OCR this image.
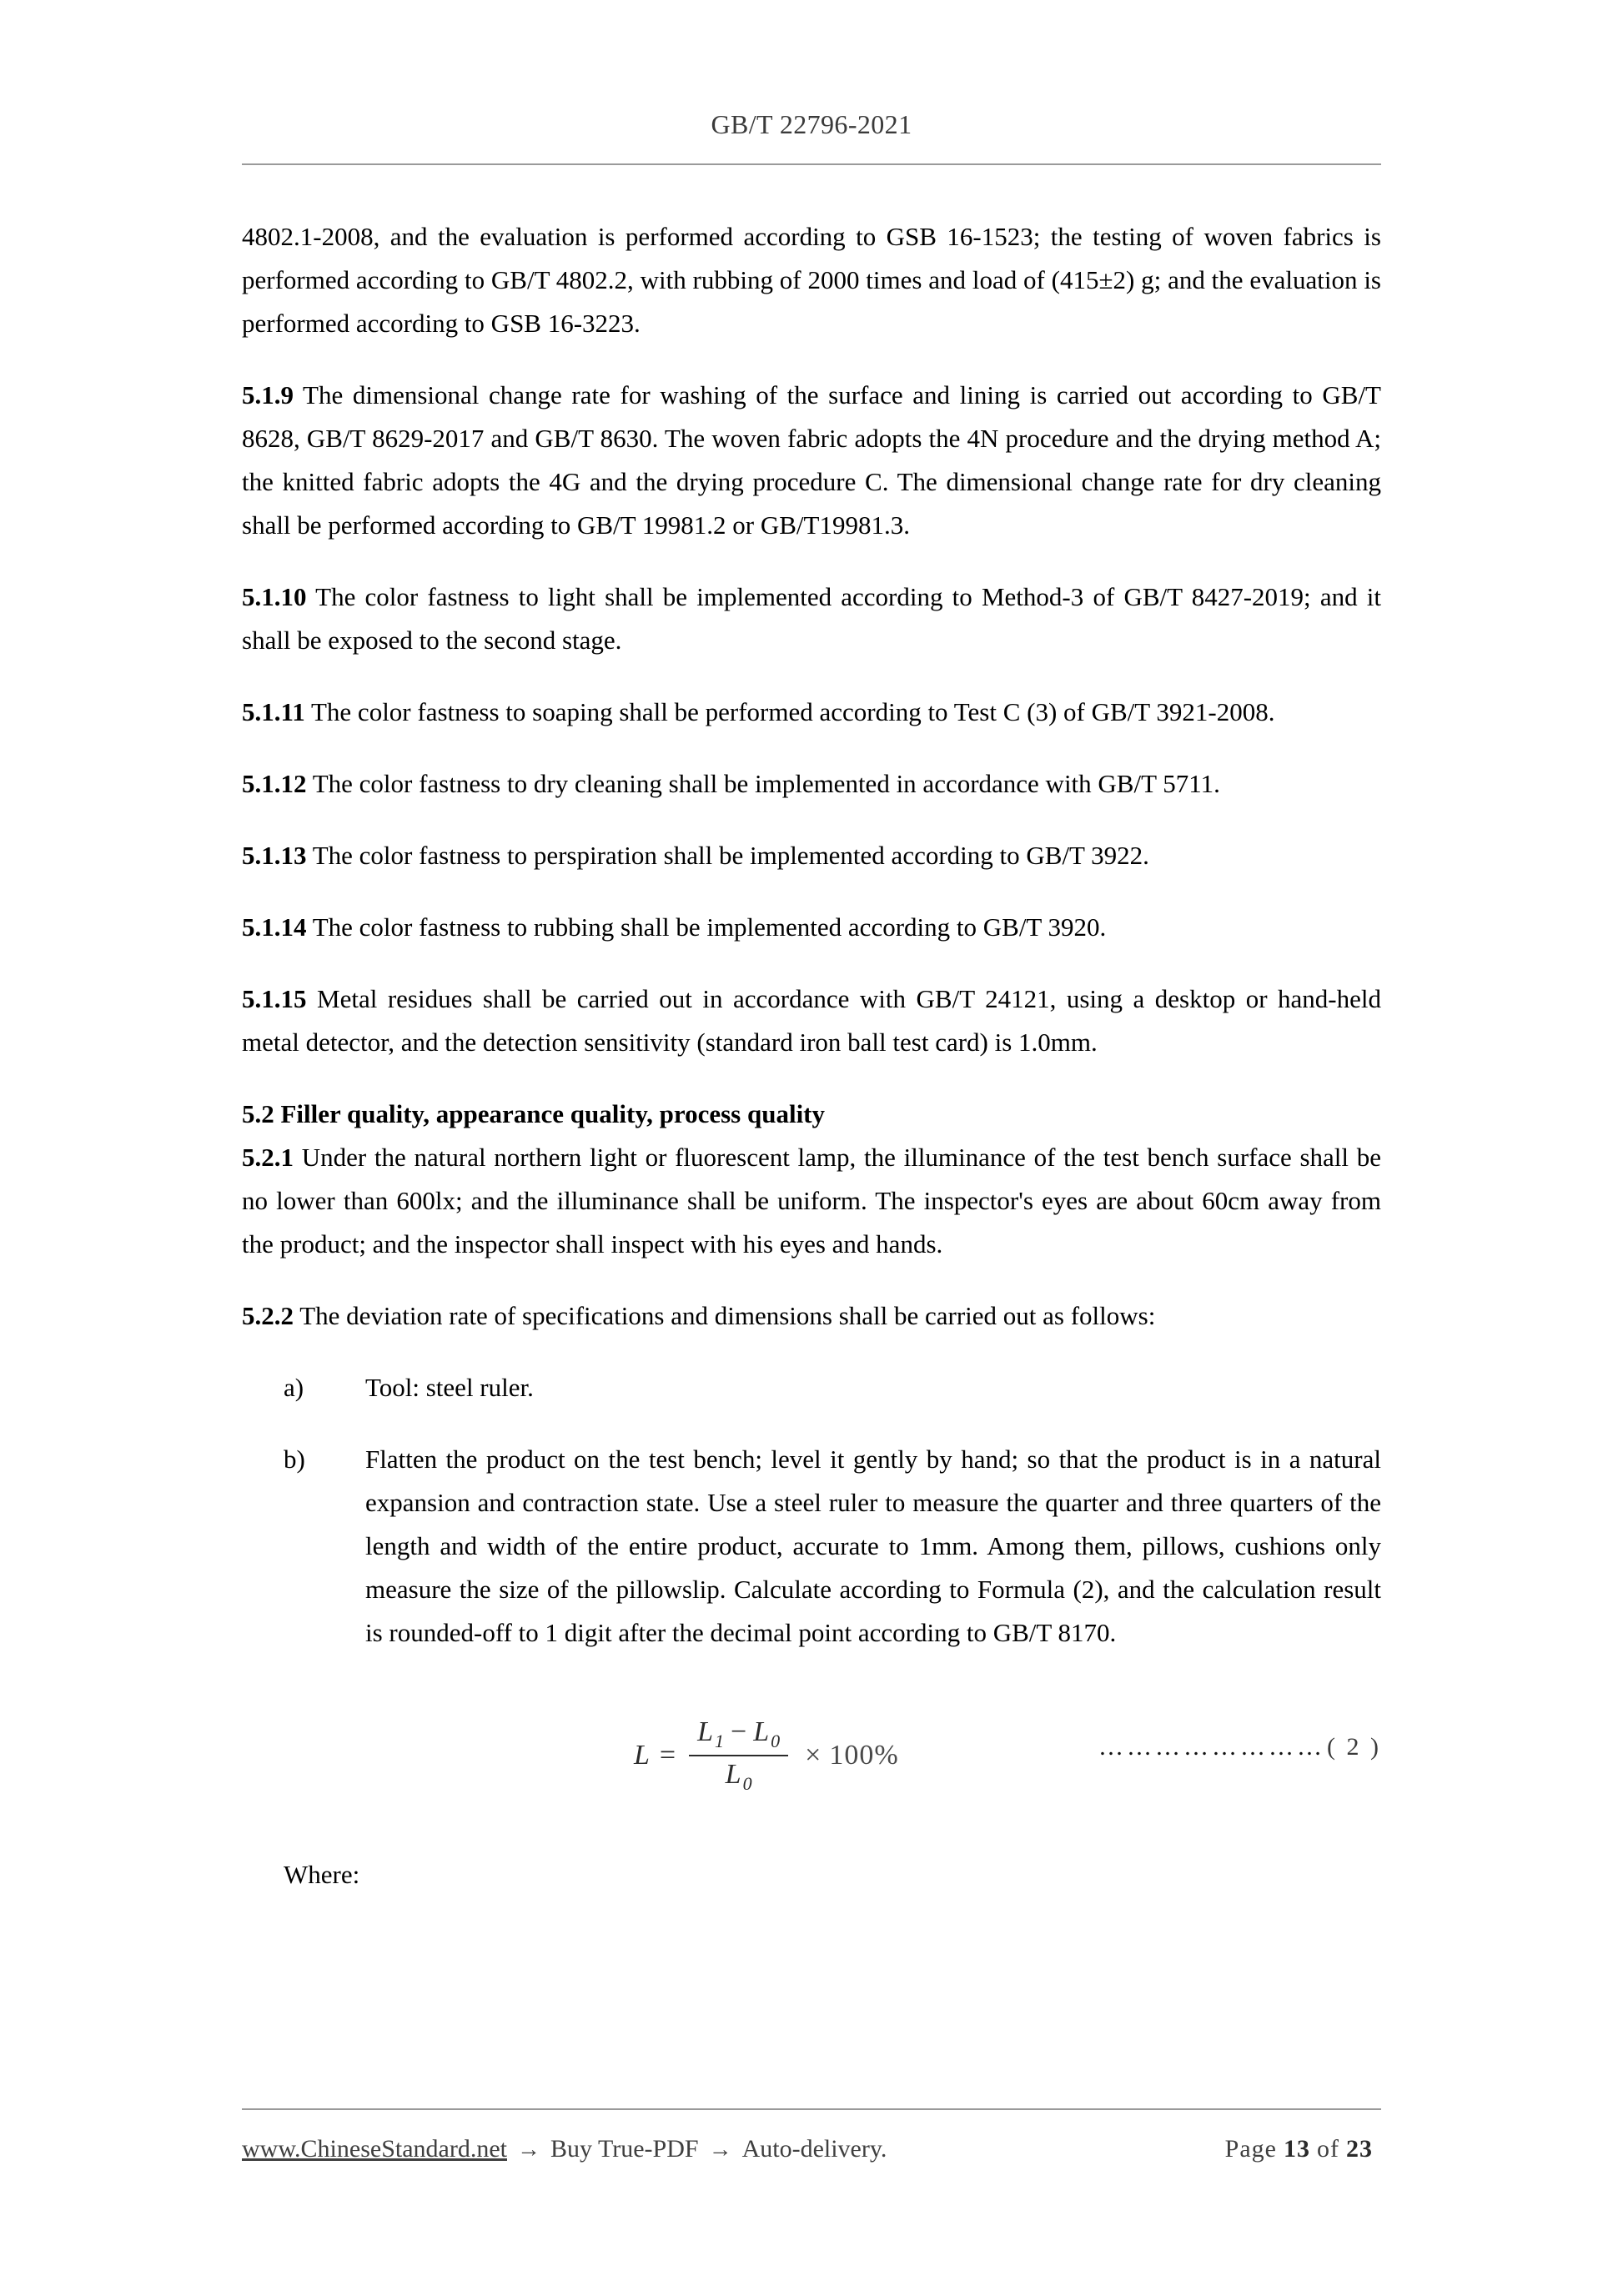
GB/T 22796-2021

4802.1-2008, and the evaluation is performed according to GSB 16-1523; the testing of woven fabrics is performed according to GB/T 4802.2, with rubbing of 2000 times and load of (415±2) g; and the evaluation is performed according to GSB 16-3223.

5.1.9 The dimensional change rate for washing of the surface and lining is carried out according to GB/T 8628, GB/T 8629-2017 and GB/T 8630. The woven fabric adopts the 4N procedure and the drying method A; the knitted fabric adopts the 4G and the drying procedure C. The dimensional change rate for dry cleaning shall be performed according to GB/T 19981.2 or GB/T19981.3.

5.1.10 The color fastness to light shall be implemented according to Method-3 of GB/T 8427-2019; and it shall be exposed to the second stage.

5.1.11 The color fastness to soaping shall be performed according to Test C (3) of GB/T 3921-2008.

5.1.12 The color fastness to dry cleaning shall be implemented in accordance with GB/T 5711.

5.1.13 The color fastness to perspiration shall be implemented according to GB/T 3922.

5.1.14 The color fastness to rubbing shall be implemented according to GB/T 3920.

5.1.15 Metal residues shall be carried out in accordance with GB/T 24121, using a desktop or hand-held metal detector, and the detection sensitivity (standard iron ball test card) is 1.0mm.

5.2 Filler quality, appearance quality, process quality

5.2.1 Under the natural northern light or fluorescent lamp, the illuminance of the test bench surface shall be no lower than 600lx; and the illuminance shall be uniform. The inspector's eyes are about 60cm away from the product; and the inspector shall inspect with his eyes and hands.

5.2.2 The deviation rate of specifications and dimensions shall be carried out as follows:

a)	Tool: steel ruler.
b)	Flatten the product on the test bench; level it gently by hand; so that the product is in a natural expansion and contraction state. Use a steel ruler to measure the quarter and three quarters of the length and width of the entire product, accurate to 1mm. Among them, pillows, cushions only measure the size of the pillowslip. Calculate according to Formula (2), and the calculation result is rounded-off to 1 digit after the decimal point according to GB/T 8170.
$L = \frac{L_1 - L_0}{L_0} \times 100\%$	…………………… ( 2 )
Where:
www.ChineseStandard.net → Buy True-PDF → Auto-delivery.	Page 13 of 23
